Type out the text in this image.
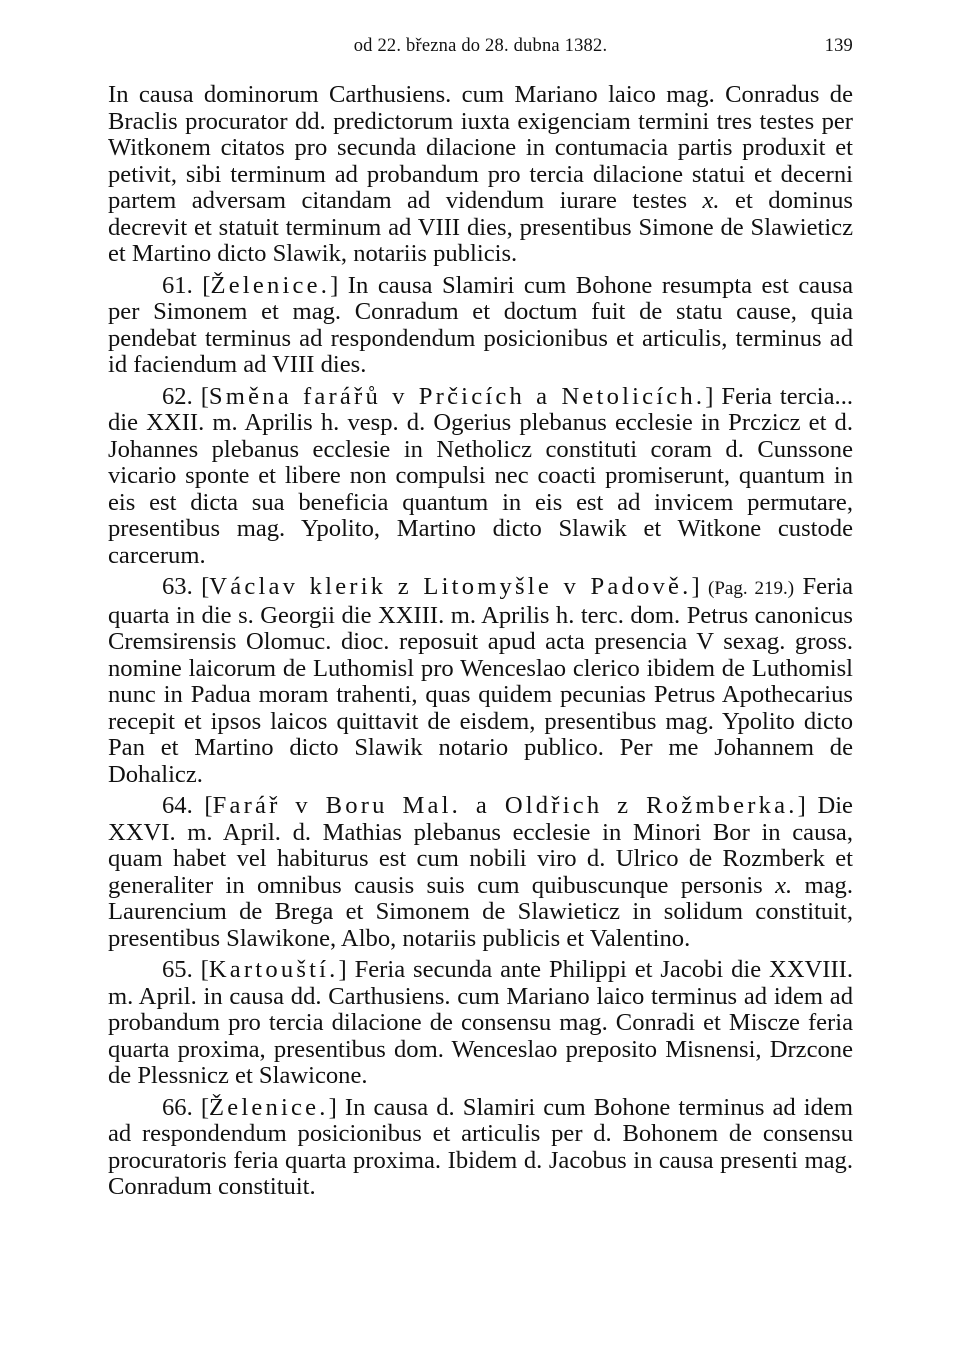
od 22. března do 28. dubna 1382.	139

In causa dominorum Carthusiens. cum Mariano laico mag. Conradus de Braclis procurator dd. predictorum iuxta exigenciam termini tres testes per Witkonem citatos pro secunda dilacione in contumacia partis produxit et petivit, sibi terminum ad probandum pro tercia dilacione statui et decerni partem adversam citandam ad videndum iurare testes x. et dominus decrevit et statuit terminum ad VIII dies, presentibus Simone de Slawieticz et Martino dicto Slawik, notariis publicis.

61. [Želenice.] In causa Slamiri cum Bohone resumpta est causa per Simonem et mag. Conradum et doctum fuit de statu cause, quia pendebat terminus ad respondendum posicionibus et articulis, terminus ad id faciendum ad VIII dies.

62. [Směna farářů v Prčicích a Netolicích.] Feria tercia... die XXII. m. Aprilis h. vesp. d. Ogerius plebanus ecclesie in Prczicz et d. Johannes plebanus ecclesie in Netholicz constituti coram d. Cunssone vicario sponte et libere non compulsi nec coacti promiserunt, quantum in eis est dicta sua beneficia quantum in eis est ad invicem permutare, presentibus mag. Ypolito, Martino dicto Slawik et Witkone custode carcerum.

63. [Václav klerik z Litomyšle v Padově.] (Pag. 219.) Feria quarta in die s. Georgii die XXIII. m. Aprilis h. terc. dom. Petrus canonicus Cremsirensis Olomuc. dioc. reposuit apud acta presencia V sexag. gross. nomine laicorum de Luthomisl pro Wenceslao clerico ibidem de Luthomisl nunc in Padua moram trahenti, quas quidem pecunias Petrus Apothecarius recepit et ipsos laicos quittavit de eisdem, presentibus mag. Ypolito dicto Pan et Martino dicto Slawik notario publico. Per me Johannem de Dohalicz.

64. [Farář v Boru Mal. a Oldřich z Rožmberka.] Die XXVI. m. April. d. Mathias plebanus ecclesie in Minori Bor in causa, quam habet vel habiturus est cum nobili viro d. Ulrico de Rozmberk et generaliter in omnibus causis suis cum quibuscunque personis x. mag. Laurencium de Brega et Simonem de Slawieticz in solidum constituit, presentibus Slawikone, Albo, notariis publicis et Valentino.

65. [Kartouští.] Feria secunda ante Philippi et Jacobi die XXVIII. m. April. in causa dd. Carthusiens. cum Mariano laico terminus ad idem ad probandum pro tercia dilacione de consensu mag. Conradi et Miscze feria quarta proxima, presentibus dom. Wenceslao preposito Misnensi, Drzcone de Plessnicz et Slawicone.

66. [Želenice.] In causa d. Slamiri cum Bohone terminus ad idem ad respondendum posicionibus et articulis per d. Bohonem de consensu procuratoris feria quarta proxima. Ibidem d. Jacobus in causa presenti mag. Conradum constituit.
